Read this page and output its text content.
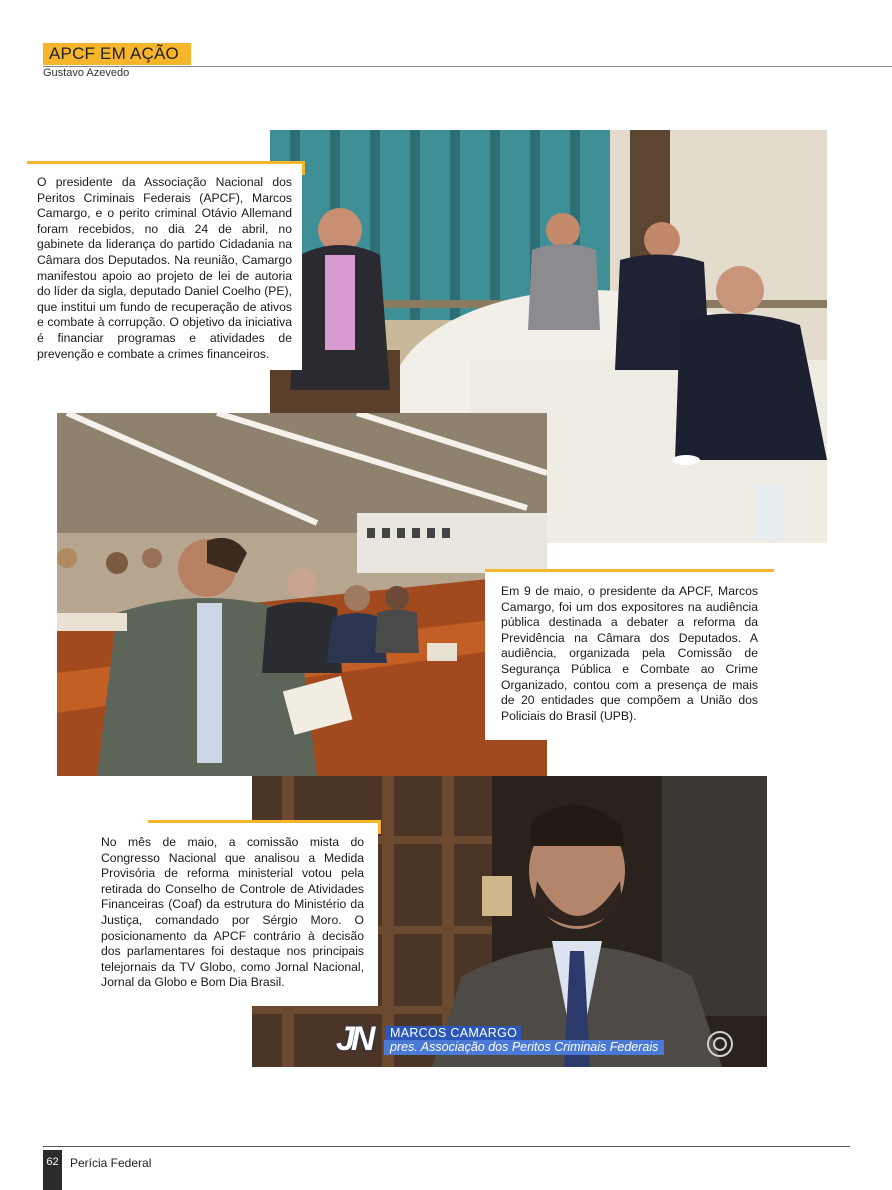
APCF EM AÇÃO
Gustavo Azevedo
JN	MARCOS CAMARGO
pres. Associação dos Peritos Criminais Federais
O presidente da Associação Nacional dos Peritos Criminais Federais (APCF), Marcos Camargo, e o perito criminal Otávio Allemand foram recebidos, no dia 24 de abril, no gabinete da liderança do partido Cidadania na Câmara dos Deputados. Na reunião, Camargo manifestou apoio ao projeto de lei de autoria do líder da sigla, deputado Daniel Coelho (PE), que institui um fundo de recuperação de ativos e combate à corrupção. O objetivo da iniciativa é financiar programas e atividades de prevenção e combate a crimes financeiros.
Em 9 de maio, o presidente da APCF, Marcos Camargo, foi um dos expositores na audiência pública destinada a debater a reforma da Previdência na Câmara dos Deputados. A audiência, organizada pela Comissão de Segurança Pública e Combate ao Crime Organizado, contou com a presença de mais de 20 entidades que compõem a União dos Policiais do Brasil (UPB).
No mês de maio, a comissão mista do Congresso Nacional que analisou a Medida Provisória de reforma ministerial votou pela retirada do Conselho de Controle de Atividades Financeiras (Coaf) da estrutura do Ministério da Justiça, comandado por Sérgio Moro. O posicionamento da APCF contrário à decisão dos parlamentares foi destaque nos principais telejornais da TV Globo, como Jornal Nacional, Jornal da Globo e Bom Dia Brasil.
62 Perícia Federal
